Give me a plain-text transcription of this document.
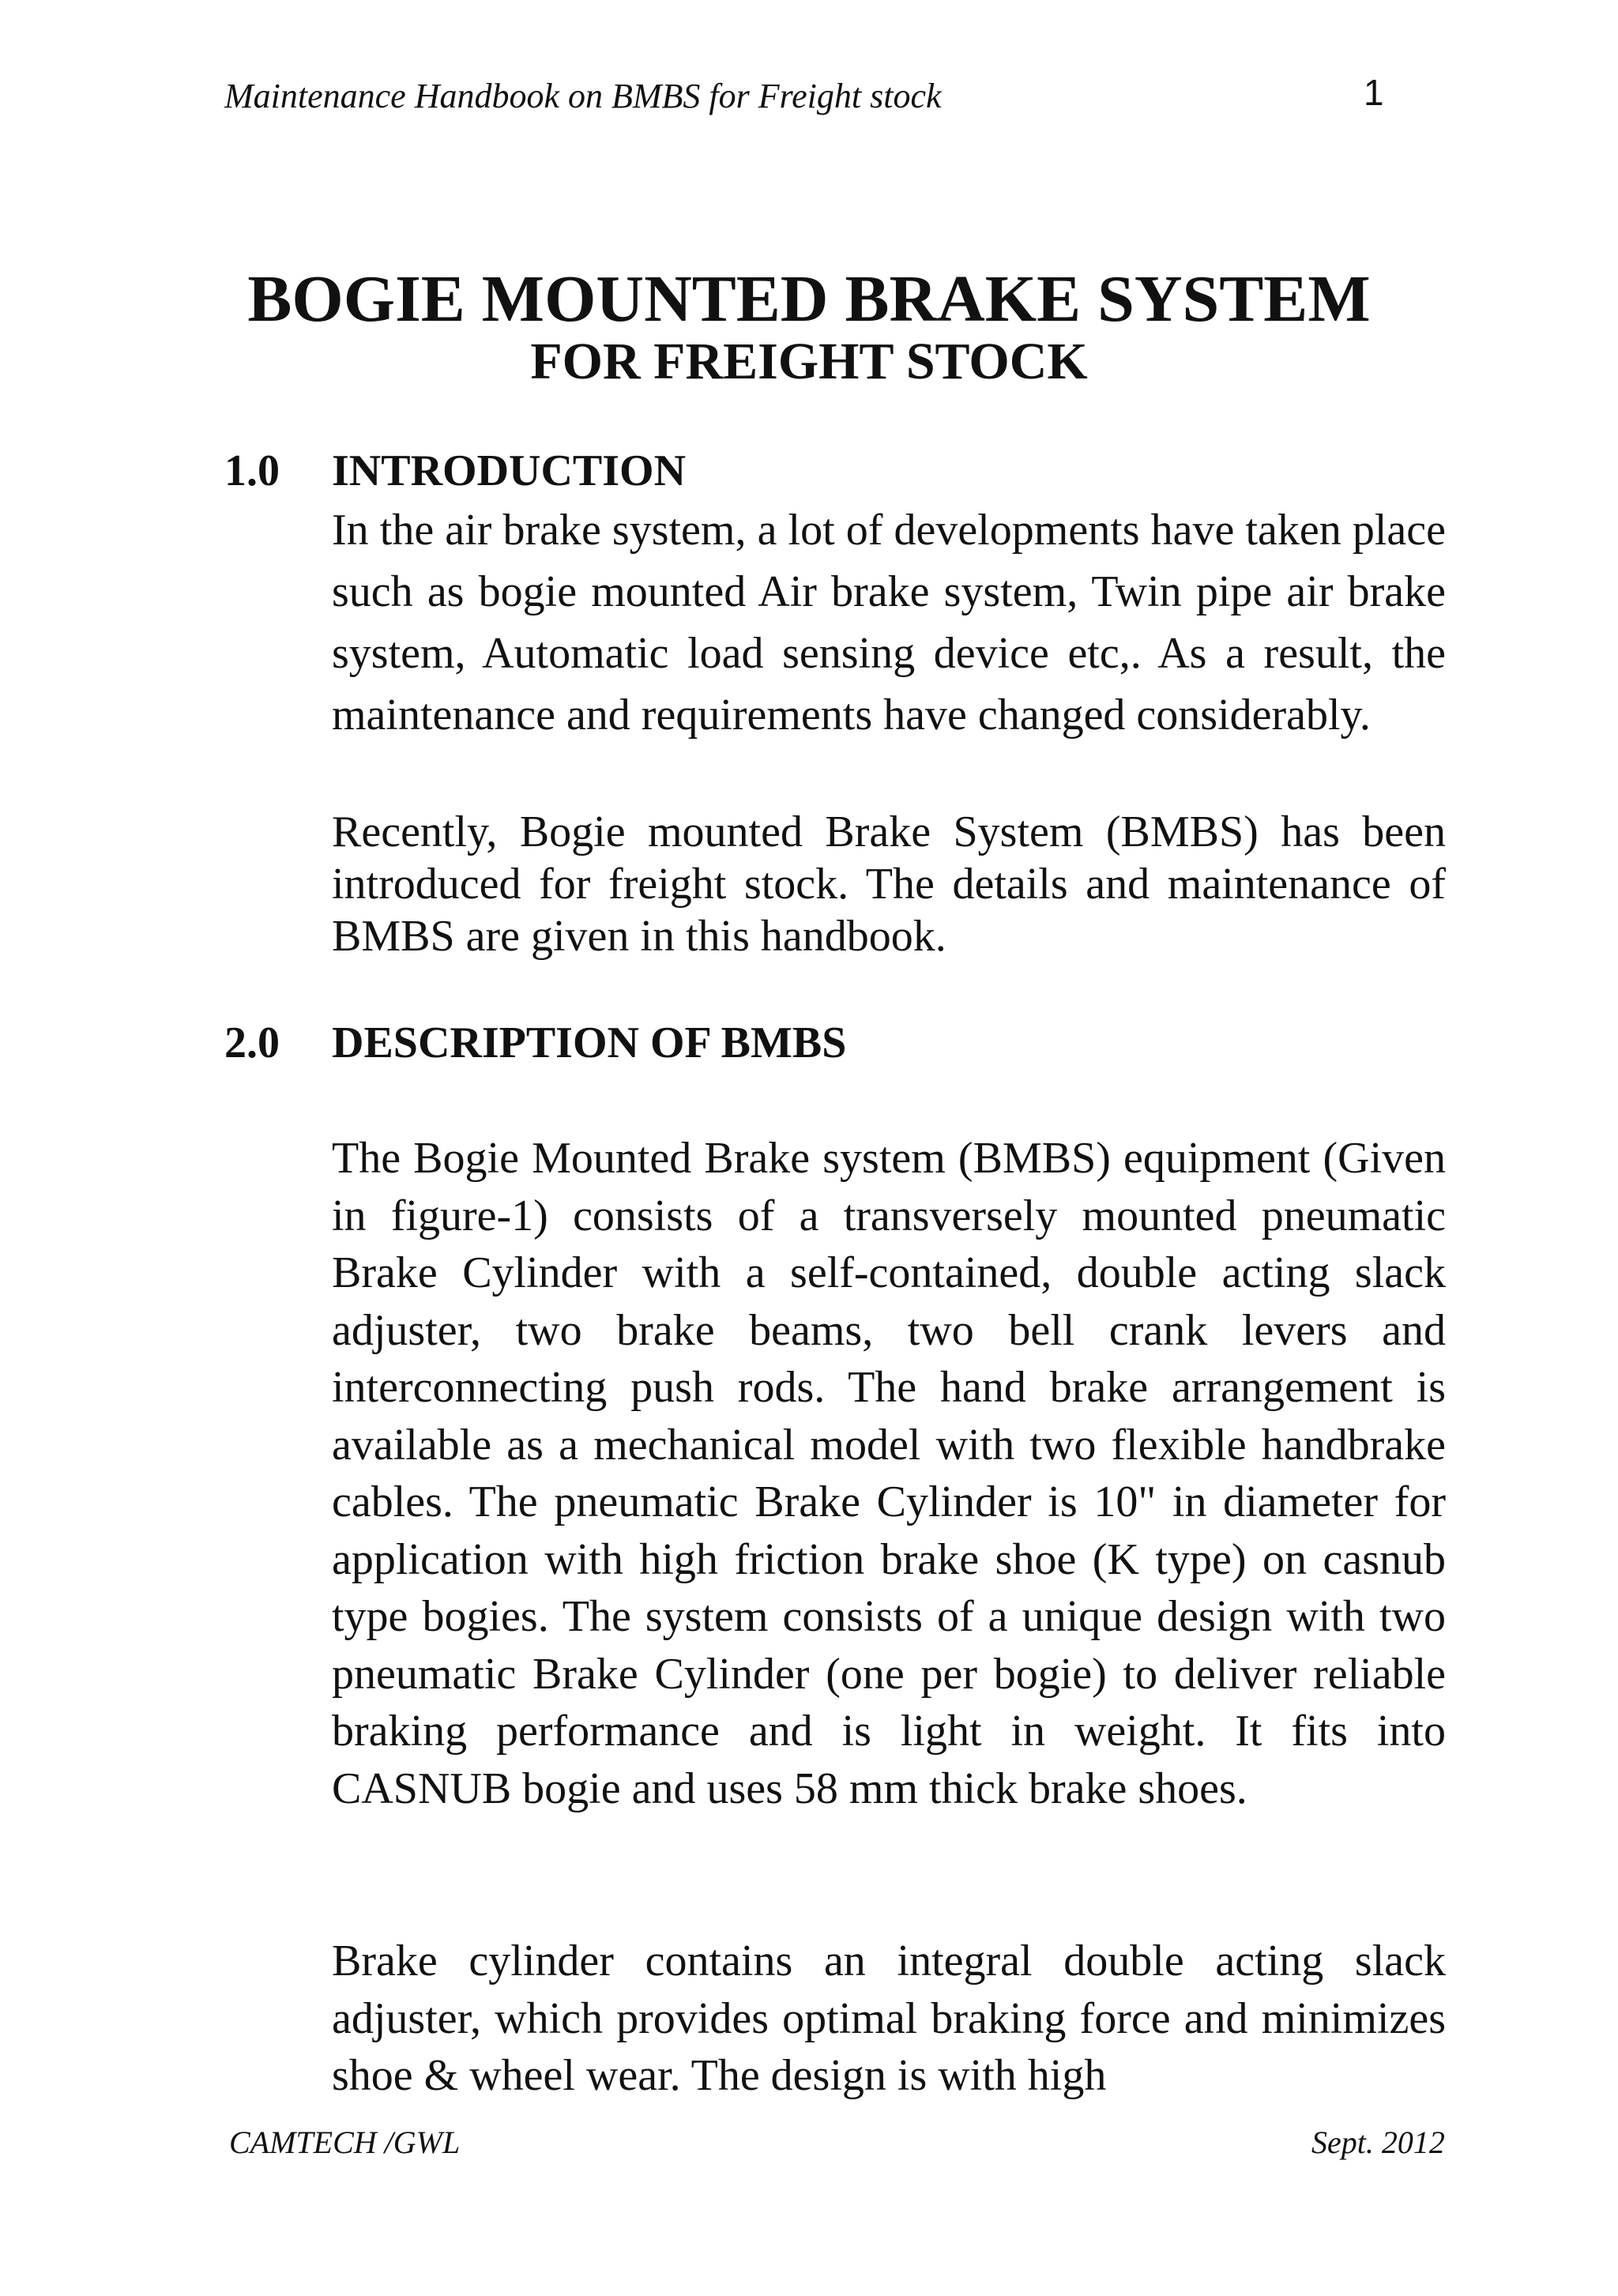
Maintenance Handbook on BMBS for Freight stock	1
BOGIE MOUNTED BRAKE SYSTEM
FOR FREIGHT STOCK
1.0 INTRODUCTION
In the air brake system, a lot of developments have taken place such as bogie mounted Air brake system, Twin pipe air brake system, Automatic load sensing device etc,. As a result, the maintenance and requirements have changed considerably.
Recently, Bogie mounted Brake System (BMBS) has been introduced for freight stock. The details and maintenance of BMBS are given in this handbook.
2.0 DESCRIPTION OF BMBS
The Bogie Mounted Brake system (BMBS) equipment (Given in figure-1) consists of a transversely mounted pneumatic Brake Cylinder with a self-contained, double acting slack adjuster, two brake beams, two bell crank levers and interconnecting push rods. The hand brake arrangement is available as a mechanical model with two flexible handbrake cables. The pneumatic Brake Cylinder is 10" in diameter for application with high friction brake shoe (K type) on casnub type bogies. The system consists of a unique design with two pneumatic Brake Cylinder (one per bogie) to deliver reliable braking performance and is light in weight. It fits into CASNUB bogie and uses 58 mm thick brake shoes.
Brake cylinder contains an integral double acting slack adjuster, which provides optimal braking force and minimizes shoe & wheel wear. The design is with high
CAMTECH /GWL	Sept. 2012
